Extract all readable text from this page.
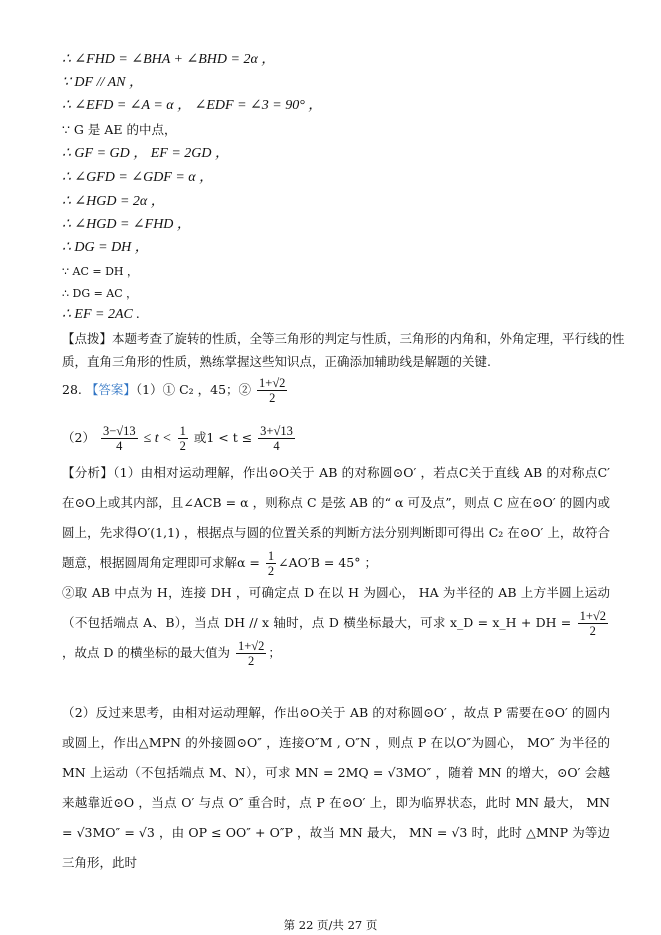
∴ ∠FHD = ∠BHA + ∠BHD = 2α ，
∵ DF // AN ，
∴ ∠EFD = ∠A = α ， ∠EDF = ∠3 = 90° ，
∵ G 是 AE 的中点，
∴ GF = GD ， EF = 2GD ，
∴ ∠GFD = ∠GDF = α ，
∴ ∠HGD = 2α ，
∴ ∠HGD = ∠FHD ，
∴ DG = DH ，
∵ AC = DH ，
∴ DG = AC ，
∴ EF = 2AC .
【点拨】本题考查了旋转的性质，全等三角形的判定与性质，三角形的内角和，外角定理，平行线的性
质，直角三角形的性质，熟练掌握这些知识点，正确添加辅助线是解题的关键.
28. 【答案】（1）① C₂ ，45；② $\frac{1+√2}{2}$
$(2) \frac{3-√13}{4} \le t < \frac{1}{2}$ 或$1 < t \le \frac{3+√13}{4}$
【分析】（1）由相对运动理解，作出⊙O关于 AB 的对称圆⊙O′ ，若点C关于直线 AB 的对称点C′ 在⊙O上或其内部，且∠ACB = α ，则称点 C 是弦 AB 的“ α 可及点”，则点 C 应在⊙O′ 的圆内或圆上，先求得O′(1,1) ，根据点与圆的位置关系的判断方法分别判断即可得出 C₂ 在⊙O′ 上，故符合题意，根据圆周角定理即可求解$\alpha = \frac{1}{2}$ ∠AO′B = 45° ；
②取 AB 中点为 H，连接 DH ，可确定点 D 在以 H 为圆心， HA 为半径的 AB 上方半圆上运动（不包括端点 A、B），当点 DH // x 轴时，点 D 横坐标最大，可求 x_D = x_H + DH = $\frac{1+√2}{2}$
，故点 D 的横坐标的最大值为 $\frac{1+√2}{2}$ ；
（2）反过来思考，由相对运动理解，作出⊙O关于 AB 的对称圆⊙O′ ，故点 P 需要在⊙O′ 的圆内或圆上，作出△MPN 的外接圆⊙O″ ，连接O″M , O″N ，则点 P 在以O″为圆心， MO″ 为半径的 MN 上运动（不包括端点 M、N），可求 MN = 2MQ = √3MO″ ，随着 MN 的增大，⊙O′ 会越来越靠近⊙O ，当点 O′ 与点 O″ 重合时，点 P 在⊙O′ 上，即为临界状态，此时 MN 最大， MN = √3MO″ = √3 ，由 OP ≤ OO″ + O″P ，故当 MN 最大， MN = √3 时，此时 △MNP 为等边三角形，此时
第 22 页/共 27 页
